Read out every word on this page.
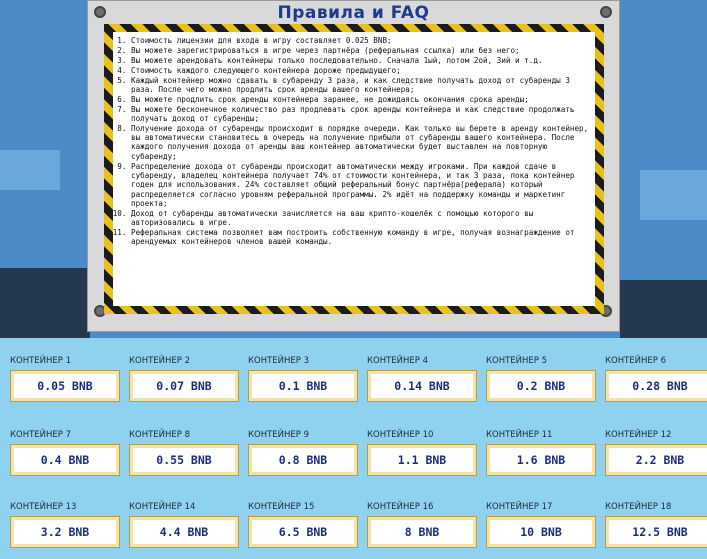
Правила и FAQ
1. Стоимость лицензии для входа в игру составляет 0.025 BNB;
2. Вы можете зарегистрироваться в игре через партнёра (реферальная ссылка) или без него;
3. Вы можете арендовать контейнеры только последовательно. Сначала 1ый, потом 2ой, 3ий и т.д.
4. Стоимость каждого следующего контейнера дороже предыдущего;
5. Каждый контейнер можно сдавать в субаренду 3 раза, и как следствие получать доход от субаренды 3 раза. После чего можно продлить срок аренды вашего контейнера;
6. Вы можете продлить срок аренды контейнера заранее, не дожидаясь окончания срока аренды;
7. Вы можете бесконечное количество раз продлевать срок аренды контейнера и как следствие продолжать получать доход от субаренды;
8. Получение дохода от субаренды происходит в порядке очереди. Как только вы берете в аренду контейнер, вы автоматически становитесь в очередь на получение прибыли от субаренды вашего контейнера. После каждого получения дохода от аренды ваш контейнер автоматически будет выставлен на повторную субаренду;
9. Распределение дохода от субаренды происходит автоматически между игроками. При каждой сдаче в субаренду, владелец контейнера получает 74% от стоимости контейнера, и так 3 раза, пока контейнер годен для использования. 24% составляет общий реферальный бонус партнёра(реферала) который распределяется согласно уровням реферальной программы. 2% идёт на поддержку команды и маркетинг проекта;
10. Доход от субаренды автоматически зачисляется на ваш крипто-кошелёк с помощью которого вы авторизовались в игре.
11. Реферальная система позволяет вам построить собственную команду в игре, получая вознаграждение от арендуемых контейнеров членов вашей команды.
КОНТЕЙНЕР 1
0.05 BNB
КОНТЕЙНЕР 2
0.07 BNB
КОНТЕЙНЕР 3
0.1 BNB
КОНТЕЙНЕР 4
0.14 BNB
КОНТЕЙНЕР 5
0.2 BNB
КОНТЕЙНЕР 6
0.28 BNB
КОНТЕЙНЕР 7
0.4 BNB
КОНТЕЙНЕР 8
0.55 BNB
КОНТЕЙНЕР 9
0.8 BNB
КОНТЕЙНЕР 10
1.1 BNB
КОНТЕЙНЕР 11
1.6 BNB
КОНТЕЙНЕР 12
2.2 BNB
КОНТЕЙНЕР 13
3.2 BNB
КОНТЕЙНЕР 14
4.4 BNB
КОНТЕЙНЕР 15
6.5 BNB
КОНТЕЙНЕР 16
8 BNB
КОНТЕЙНЕР 17
10 BNB
КОНТЕЙНЕР 18
12.5 BNB
